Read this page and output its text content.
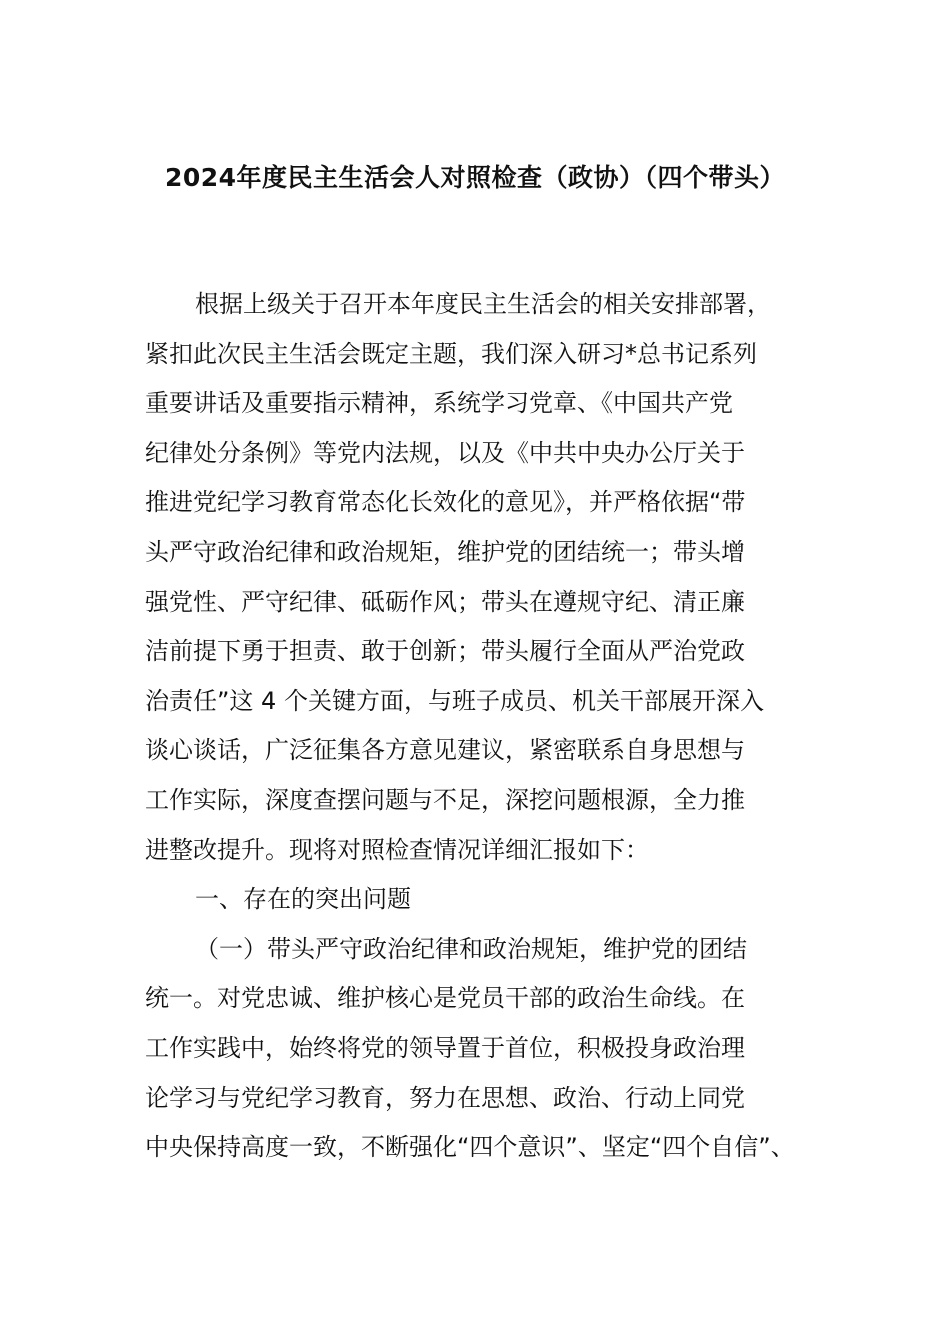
2024年度民主生活会人对照检查（政协）（四个带头）
根据上级关于召开本年度民主生活会的相关安排部署，
紧扣此次民主生活会既定主题，我们深入研习*总书记系列
重要讲话及重要指示精神，系统学习党章、《中国共产党
纪律处分条例》等党内法规，以及《中共中央办公厅关于
推进党纪学习教育常态化长效化的意见》，并严格依据“带
头严守政治纪律和政治规矩，维护党的团结统一；带头增
强党性、严守纪律、砥砺作风；带头在遵规守纪、清正廉
洁前提下勇于担责、敢于创新；带头履行全面从严治党政
治责任”这 4 个关键方面，与班子成员、机关干部展开深入
谈心谈话，广泛征集各方意见建议，紧密联系自身思想与
工作实际，深度查摆问题与不足，深挖问题根源，全力推
进整改提升。现将对照检查情况详细汇报如下：
一、存在的突出问题
（一）带头严守政治纪律和政治规矩，维护党的团结
统一。对党忠诚、维护核心是党员干部的政治生命线。在
工作实践中，始终将党的领导置于首位，积极投身政治理
论学习与党纪学习教育，努力在思想、政治、行动上同党
中央保持高度一致，不断强化“四个意识”、坚定“四个自信”、
